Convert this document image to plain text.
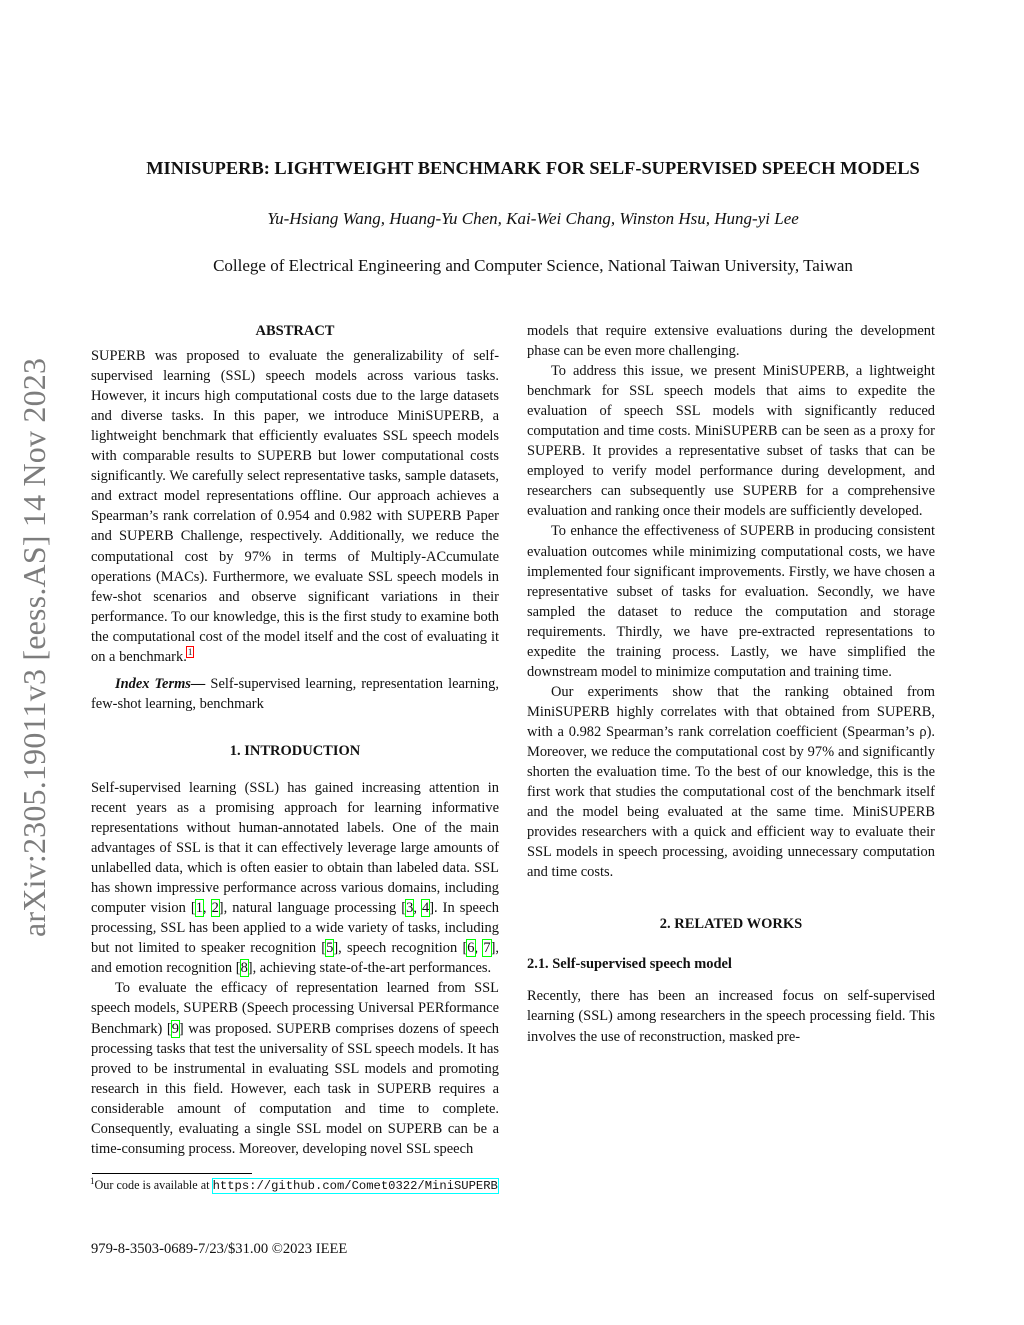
arXiv:2305.19011v3 [eess.AS] 14 Nov 2023
MINISUPERB: LIGHTWEIGHT BENCHMARK FOR SELF-SUPERVISED SPEECH MODELS
Yu-Hsiang Wang, Huang-Yu Chen, Kai-Wei Chang, Winston Hsu, Hung-yi Lee
College of Electrical Engineering and Computer Science, National Taiwan University, Taiwan

ABSTRACT

SUPERB was proposed to evaluate the generalizability of self-supervised learning (SSL) speech models across various tasks. However, it incurs high computational costs due to the large datasets and diverse tasks. In this paper, we introduce MiniSUPERB, a lightweight benchmark that efficiently evaluates SSL speech models with comparable results to SUPERB but lower computational costs significantly. We carefully select representative tasks, sample datasets, and extract model representations offline. Our approach achieves a Spearman’s rank correlation of 0.954 and 0.982 with SUPERB Paper and SUPERB Challenge, respectively. Additionally, we reduce the computational cost by 97% in terms of Multiply-ACcumulate operations (MACs). Furthermore, we evaluate SSL speech models in few-shot scenarios and observe significant variations in their performance. To our knowledge, this is the first study to examine both the computational cost of the model itself and the cost of evaluating it on a benchmark.$^1$

Index Terms— Self-supervised learning, representation learning, few-shot learning, benchmark

1. INTRODUCTION

Self-supervised learning (SSL) has gained increasing attention in recent years as a promising approach for learning informative representations without human-annotated labels. One of the main advantages of SSL is that it can effectively leverage large amounts of unlabelled data, which is often easier to obtain than labeled data. SSL has shown impressive performance across various domains, including computer vision [1, 2], natural language processing [3, 4]. In speech processing, SSL has been applied to a wide variety of tasks, including but not limited to speaker recognition [5], speech recognition [6, 7], and emotion recognition [8], achieving state-of-the-art performances.

To evaluate the efficacy of representation learned from SSL speech models, SUPERB (Speech processing Universal PERformance Benchmark) [9] was proposed. SUPERB comprises dozens of speech processing tasks that test the universality of SSL speech models. It has proved to be instrumental in evaluating SSL models and promoting research in this field. However, each task in SUPERB requires a considerable amount of computation and time to complete. Consequently, evaluating a single SSL model on SUPERB can be a time-consuming process. Moreover, developing novel SSL speech

$^1$Our code is available at https://github.com/Comet0322/MiniSUPERB
979-8-3503-0689-7/23/$31.00 ©2023 IEEE

models that require extensive evaluations during the development phase can be even more challenging.

To address this issue, we present MiniSUPERB, a lightweight benchmark for SSL speech models that aims to expedite the evaluation of speech SSL models with significantly reduced computation and time costs. MiniSUPERB can be seen as a proxy for SUPERB. It provides a representative subset of tasks that can be employed to verify model performance during development, and researchers can subsequently use SUPERB for a comprehensive evaluation and ranking once their models are sufficiently developed.

To enhance the effectiveness of SUPERB in producing consistent evaluation outcomes while minimizing computational costs, we have implemented four significant improvements. Firstly, we have chosen a representative subset of tasks for evaluation. Secondly, we have sampled the dataset to reduce the computation and storage requirements. Thirdly, we have pre-extracted representations to expedite the training process. Lastly, we have simplified the downstream model to minimize computation and training time.

Our experiments show that the ranking obtained from MiniSUPERB highly correlates with that obtained from SUPERB, with a 0.982 Spearman’s rank correlation coefficient (Spearman’s ρ). Moreover, we reduce the computational cost by 97% and significantly shorten the evaluation time. To the best of our knowledge, this is the first work that studies the computational cost of the benchmark itself and the model being evaluated at the same time. MiniSUPERB provides researchers with a quick and efficient way to evaluate their SSL models in speech processing, avoiding unnecessary computation and time costs.

2. RELATED WORKS

2.1. Self-supervised speech model

Recently, there has been an increased focus on self-supervised learning (SSL) among researchers in the speech processing field. This involves the use of reconstruction, masked pre-
